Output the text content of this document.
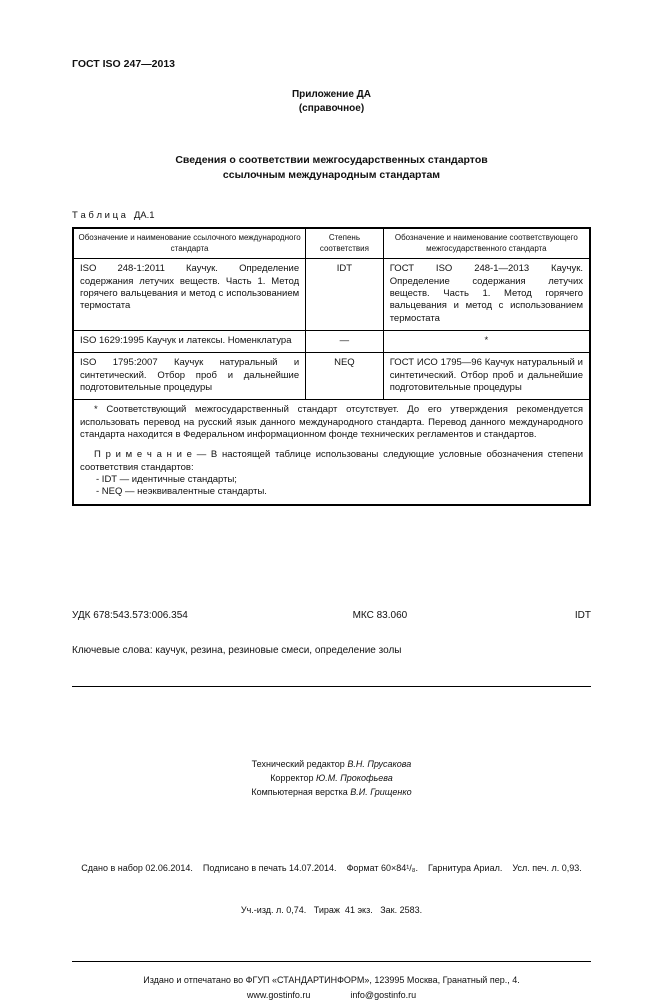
ГОСТ ISO 247—2013
Приложение ДА
(справочное)
Сведения о соответствии межгосударственных стандартов
ссылочным международным стандартам
Т а б л и ц а   ДА.1
Обозначение и наименование ссылочного международного стандарта	Степень соответствия	Обозначение и наименование соответствующего межгосударственного стандарта
ISO 248-1:2011 Каучук. Определение содержания летучих веществ. Часть 1. Метод горячего вальцевания и метод с использованием термостата	IDT	ГОСТ ISO 248-1—2013 Каучук. Определение содержания летучих веществ. Часть 1. Метод горячего вальцевания и метод с использованием термостата
ISO 1629:1995 Каучук и латексы. Номенклатура	—	*
ISO 1795:2007 Каучук натуральный и синтетический. Отбор проб и дальнейшие подготовительные процедуры	NEQ	ГОСТ ИСО 1795—96 Каучук натуральный и синтетический. Отбор проб и дальнейшие подготовительные процедуры

* Соответствующий межгосударственный стандарт отсутствует. До его утверждения рекомендуется использовать перевод на русский язык данного международного стандарта. Перевод данного международного стандарта находится в Федеральном информационном фонде технических регламентов и стандартов.

П р и м е ч а н и е — В настоящей таблице использованы следующие условные обозначения степени соответствия стандартов:

- IDT — идентичные стандарты;

- NEQ — неэквивалентные стандарты.		

УДК 678:543.573:006.354	МКС 83.060	IDT
Ключевые слова: каучук, резина, резиновые смеси, определение золы
Технический редактор В.Н. Прусакова
Корректор Ю.М. Прокофьева
Компьютерная верстка В.И. Грищенко

Сдано в набор 02.06.2014.    Подписано в печать 14.07.2014.    Формат 60×84¹/₈.    Гарнитура Ариал.    Усл. печ. л. 0,93.

Уч.-изд. л. 0,74.   Тираж  41 экз.   Зак. 2583.

Издано и отпечатано во ФГУП «СТАНДАРТИНФОРМ», 123995 Москва, Гранатный пер., 4.
www.gostinfo.ru	info@gostinfo.ru
